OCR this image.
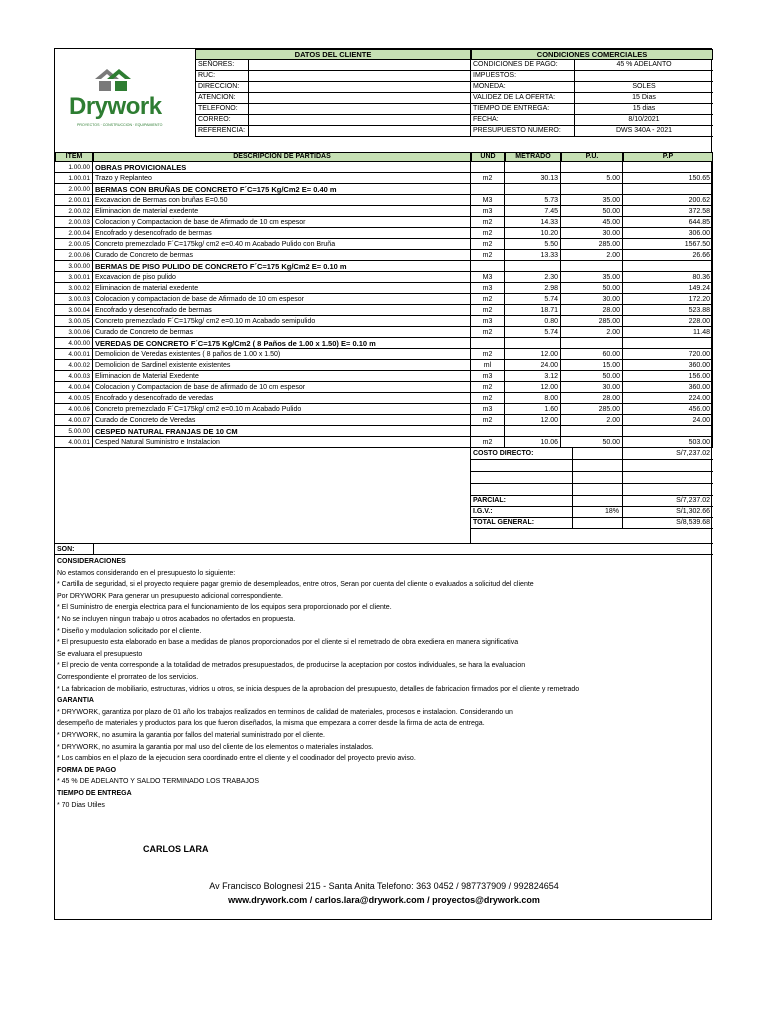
Drywork
PROYECTOS · CONSTRUCCION · EQUIPAMIENTO
DATOS DEL CLIENTE	CONDICIONES COMERCIALES
SEÑORES:
RUC:
DIRECCION:
ATENCION:
TELEFONO:
CORREO:
REFERENCIA:
CONDICIONES DE PAGO:	45 % ADELANTO
IMPUESTOS:
MONEDA:	SOLES
VALIDEZ DE LA OFERTA:	15 Dias
TIEMPO DE ENTREGA:	15 dias
FECHA:	8/10/2021
PRESUPUESTO NUMERO:	DWS 340A - 2021
ITEM	DESCRIPCION DE PARTIDAS	UND	METRADO	P.U.	P.P
1.00.00 OBRAS PROVICIONALES
1.00.01 Trazo y Replanteo	m2	30.13	5.00	150.65
2.00.00 BERMAS CON BRUÑAS DE CONCRETO F´C=175 Kg/Cm2 E= 0.40 m
2.00.01 Excavacion de Bermas con bruñas E=0.50	M3	5.73	35.00	200.62
2.00.02 Eliminacion de material exedente	m3	7.45	50.00	372.58
2.00.03 Colocacion y Compactacion de base de Afirmado de 10 cm espesor	m2	14.33	45.00	644.85
2.00.04 Encofrado y desencofrado de bermas	m2	10.20	30.00	306.00
2.00.05 Concreto premezclado F´C=175kg/ cm2 e=0.40 m Acabado Pulido con Bruña	m2	5.50	285.00	1567.50
2.00.06 Curado de Concreto de bermas	m2	13.33	2.00	26.66
3.00.00 BERMAS DE PISO PULIDO DE CONCRETO F´C=175 Kg/Cm2 E= 0.10 m
3.00.01 Excavacion de piso pulido	M3	2.30	35.00	80.36
3.00.02 Eliminacion de material exedente	m3	2.98	50.00	149.24
3.00.03 Colocacion y compactacion de base de Afirmado de 10 cm espesor	m2	5.74	30.00	172.20
3.00.04 Encofrado y desencofrado de bermas	m2	18.71	28.00	523.88
3.00.05 Concreto premezclado F´C=175kg/ cm2 e=0.10 m Acabado semipulido	m3	0.80	285.00	228.00
3.00.06 Curado de Concreto de bermas	m2	5.74	2.00	11.48
4.00.00 VEREDAS DE CONCRETO F´C=175 Kg/Cm2 ( 8 Paños de 1.00 x 1.50) E= 0.10 m
4.00.01 Demolicion de Veredas existentes ( 8 paños de 1.00 x 1.50)	m2	12.00	60.00	720.00
4.00.02 Demolicion de Sardinel existente existentes	ml	24.00	15.00	360.00
4.00.03 Eliminacion de Material Exedente	m3	3.12	50.00	156.00
4.00.04 Colocacion y Compactacion de base de afirmado de 10 cm espesor	m2	12.00	30.00	360.00
4.00.05 Encofrado y desencofrado de veredas	m2	8.00	28.00	224.00
4.00.06 Concreto premezclado F´C=175kg/ cm2 e=0.10 m Acabado Pulido	m3	1.60	285.00	456.00
4.00.07 Curado de Concreto de Veredas	m2	12.00	2.00	24.00
5.00.00 CESPED NATURAL FRANJAS DE 10 CM
4.00.01 Cesped Natural Suministro e Instalacion	m2	10.06	50.00	503.00
COSTO DIRECTO:	S/7,237.02
PARCIAL:	S/7,237.02
I.G.V.:	18%	S/1,302.66
TOTAL GENERAL:	S/8,539.68
SON:
CONSIDERACIONES
No estamos considerando en el presupuesto lo siguiente:
* Cartilla de seguridad, si el proyecto requiere pagar gremio de desempleados, entre otros, Seran por cuenta del cliente o evaluados a solicitud del cliente
Por DRYWORK Para generar un presupuesto adicional correspondiente.
* El Suministro de energia electrica para el funcionamiento de los equipos sera proporcionado por el cliente.
* No se incluyen ningun trabajo u otros acabados no ofertados en propuesta.
* Diseño y modulacion solicitado por el cliente.
* El presupuesto esta elaborado en base a medidas de planos proporcionados por el cliente si el remetrado de obra exediera en manera significativa
Se evaluara el presupuesto
* El precio de venta corresponde a la totalidad de metrados presupuestados, de producirse la aceptacion por costos individuales, se hara la evaluacion
Correspondiente el prorrateo de los servicios.
* La fabricacion de mobiliario, estructuras, vidrios u otros, se inicia despues de la aprobacion del presupuesto, detalles de fabricacion firmados por el cliente y remetrado
GARANTIA
* DRYWORK, garantiza por plazo de 01 año los trabajos realizados en terminos de calidad de materiales, procesos e instalacion. Considerando un
desempeño de materiales y productos para los que fueron diseñados, la misma que empezara a correr desde la firma de acta de entrega.
* DRYWORK, no asumira la garantia por fallos del material suministrado por el cliente.
* DRYWORK, no asumira la garantia por mal uso del cliente de los elementos o materiales instalados.
* Los cambios en el plazo de la ejecucion sera coordinado entre el cliente y el coodinador del proyecto previo aviso.
FORMA DE PAGO
* 45 % DE ADELANTO Y SALDO TERMINADO LOS TRABAJOS
TIEMPO DE ENTREGA
* 70 Dias Utiles
CARLOS LARA
Av Francisco Bolognesi 215 - Santa Anita Telefono: 363 0452 / 987737909 / 992824654
www.drywork.com / carlos.lara@drywork.com / proyectos@drywork.com
